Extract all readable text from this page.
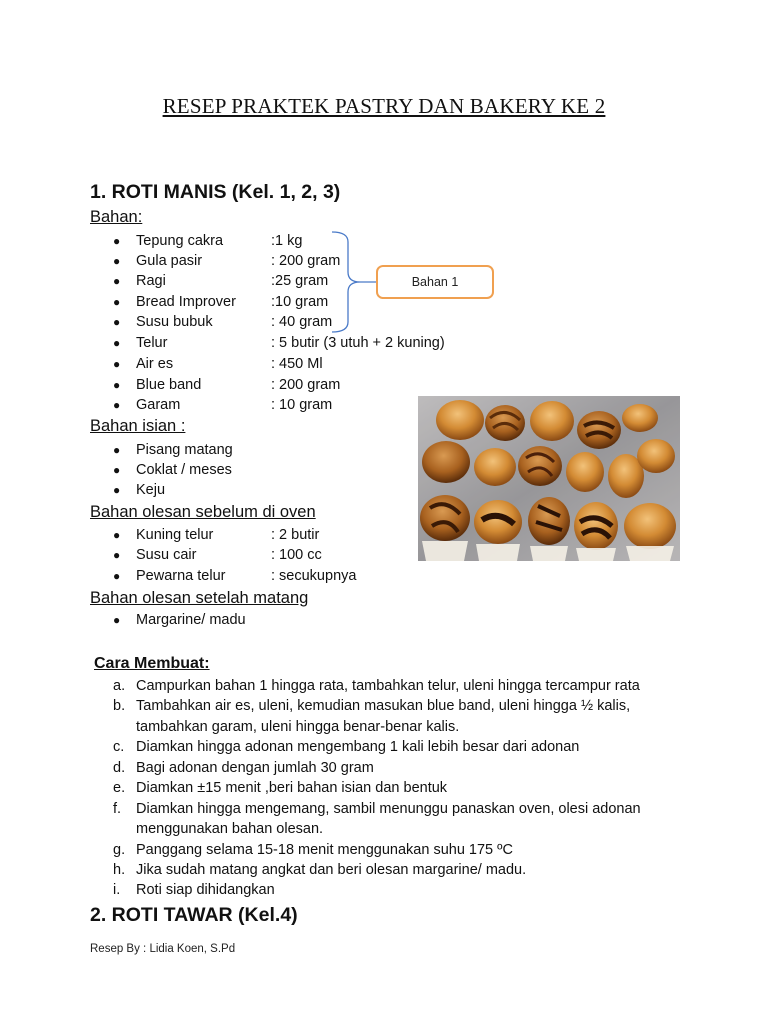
RESEP PRAKTEK PASTRY DAN BAKERY KE 2
1. ROTI MANIS (Kel. 1, 2, 3)
Bahan:
● Tepung cakra	:1 kg
● Gula pasir	: 200 gram
● Ragi	:25 gram
● Bread Improver :10 gram
● Susu bubuk	: 40 gram
● Telur	: 5 butir (3 utuh + 2 kuning)
● Air es	: 450 Ml
● Blue band	: 200 gram
● Garam	: 10 gram
Bahan 1
Bahan isian :
● Pisang matang
● Coklat / meses
● Keju
Bahan olesan sebelum di oven
● Kuning telur	: 2 butir
● Susu cair	: 100 cc
● Pewarna telur	: secukupnya
Bahan olesan setelah matang
● Margarine/ madu
Cara Membuat:
a. Campurkan bahan 1 hingga rata, tambahkan telur, uleni hingga tercampur rata
b. Tambahkan air es, uleni, kemudian masukan blue band, uleni hingga ½ kalis,
tambahkan garam, uleni hingga benar-benar kalis.
c. Diamkan hingga adonan mengembang 1 kali lebih besar dari adonan
d. Bagi adonan dengan jumlah 30 gram
e. Diamkan ±15 menit ,beri bahan isian dan bentuk
f.	Diamkan hingga mengemang, sambil menunggu panaskan oven, olesi adonan
menggunakan bahan olesan.
g. Panggang selama 15-18 menit menggunakan suhu 175 ºC
h. Jika sudah matang angkat dan beri olesan margarine/ madu.
i.	Roti siap dihidangkan
2. ROTI TAWAR (Kel.4)
Resep By : Lidia Koen, S.Pd
